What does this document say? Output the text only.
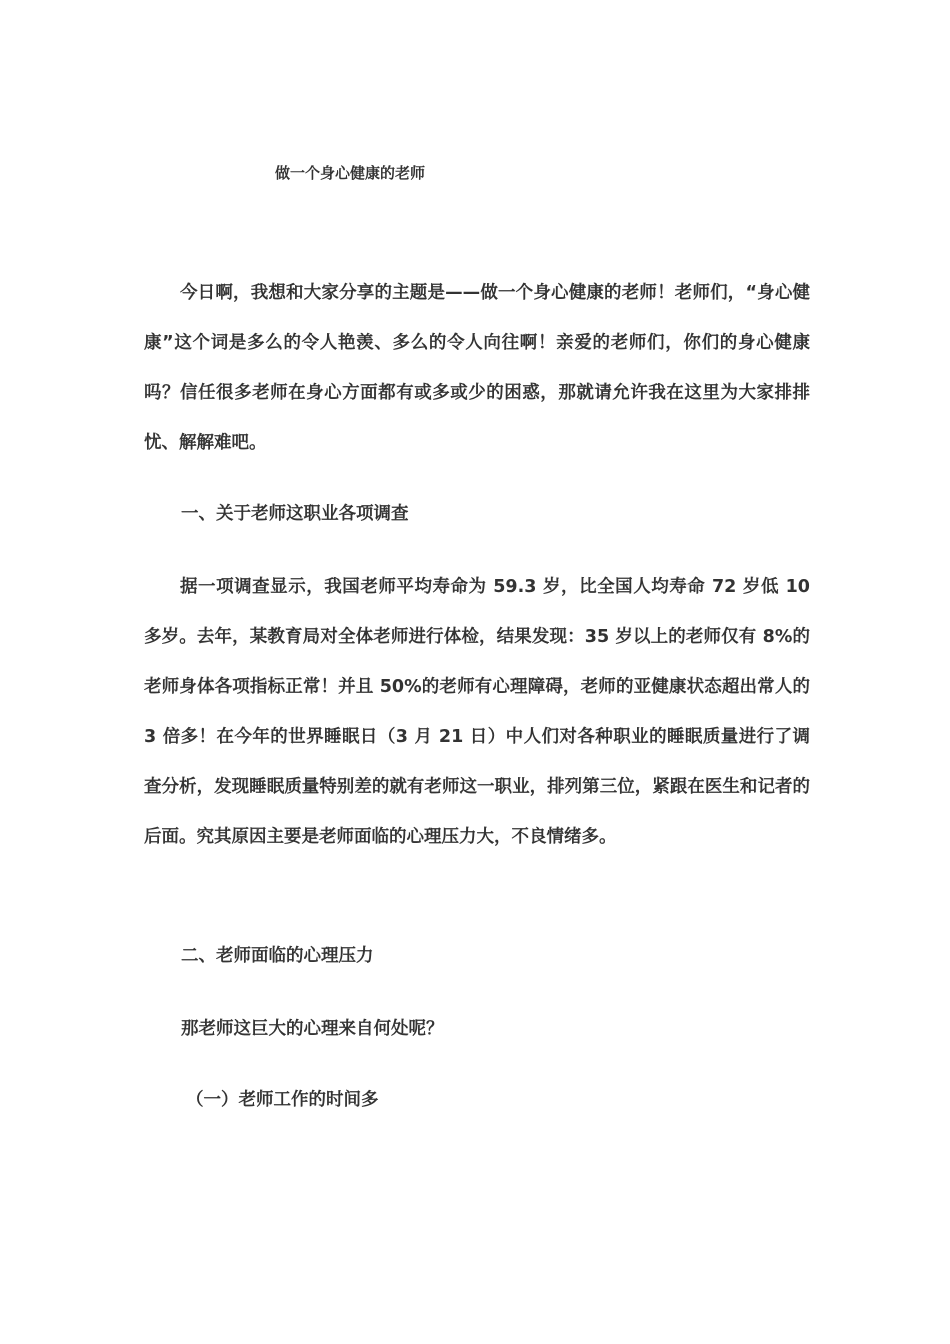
做一个身心健康的老师

今日啊，我想和大家分享的主题是——做一个身心健康的老师！老师们，“身心健康”这个词是多么的令人艳羡、多么的令人向往啊！亲爱的老师们，你们的身心健康吗？信任很多老师在身心方面都有或多或少的困惑，那就请允许我在这里为大家排排忧、解解难吧。

一、关于老师这职业各项调查

据一项调查显示，我国老师平均寿命为 59.3 岁，比全国人均寿命 72 岁低 10 多岁。去年，某教育局对全体老师进行体检，结果发现：35 岁以上的老师仅有 8%的老师身体各项指标正常！并且 50%的老师有心理障碍，老师的亚健康状态超出常人的 3 倍多！在今年的世界睡眠日（3 月 21 日）中人们对各种职业的睡眠质量进行了调查分析，发现睡眠质量特别差的就有老师这一职业，排列第三位，紧跟在医生和记者的后面。究其原因主要是老师面临的心理压力大，不良情绪多。

二、老师面临的心理压力

那老师这巨大的心理来自何处呢？

（一）老师工作的时间多
